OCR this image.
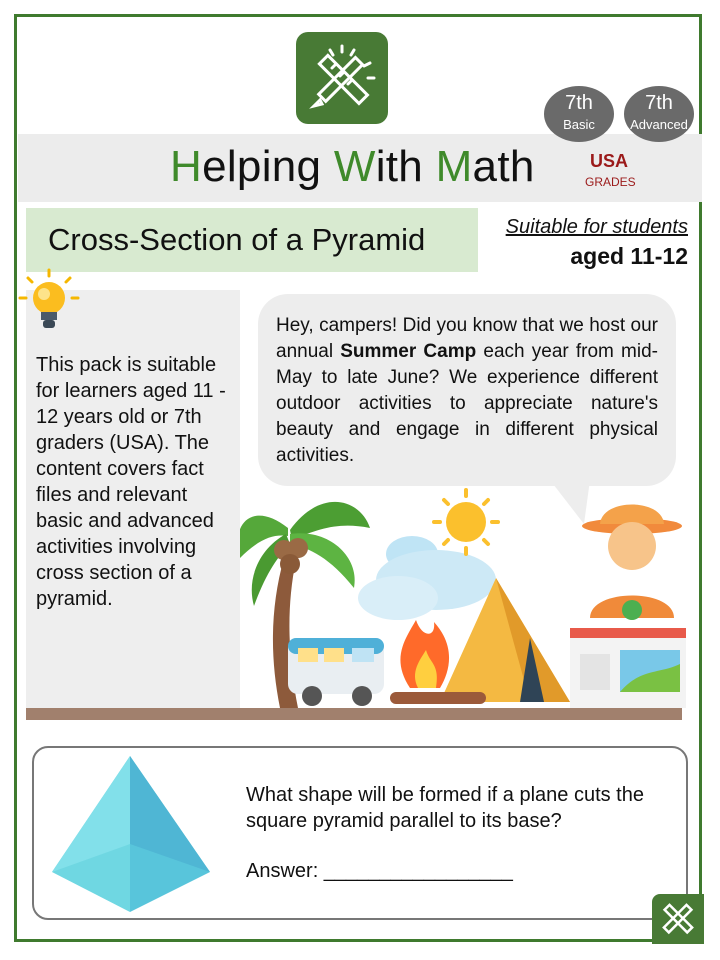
Helping With Math
7th
Basic
7th
Advanced
USA
GRADES
Cross-Section of a Pyramid	Suitable for students
aged 11-12
This pack is suitable for learners aged 11 - 12 years old or 7th graders (USA). The content covers fact files and relevant basic and advanced activities involving cross section of a pyramid.
Hey, campers! Did you know that we host our annual Summer Camp each year from mid-May to late June? We experience different outdoor activities to appreciate nature's beauty and engage in different physical activities.
What shape will be formed if a plane cuts the square pyramid parallel to its base?
Answer: _________________
